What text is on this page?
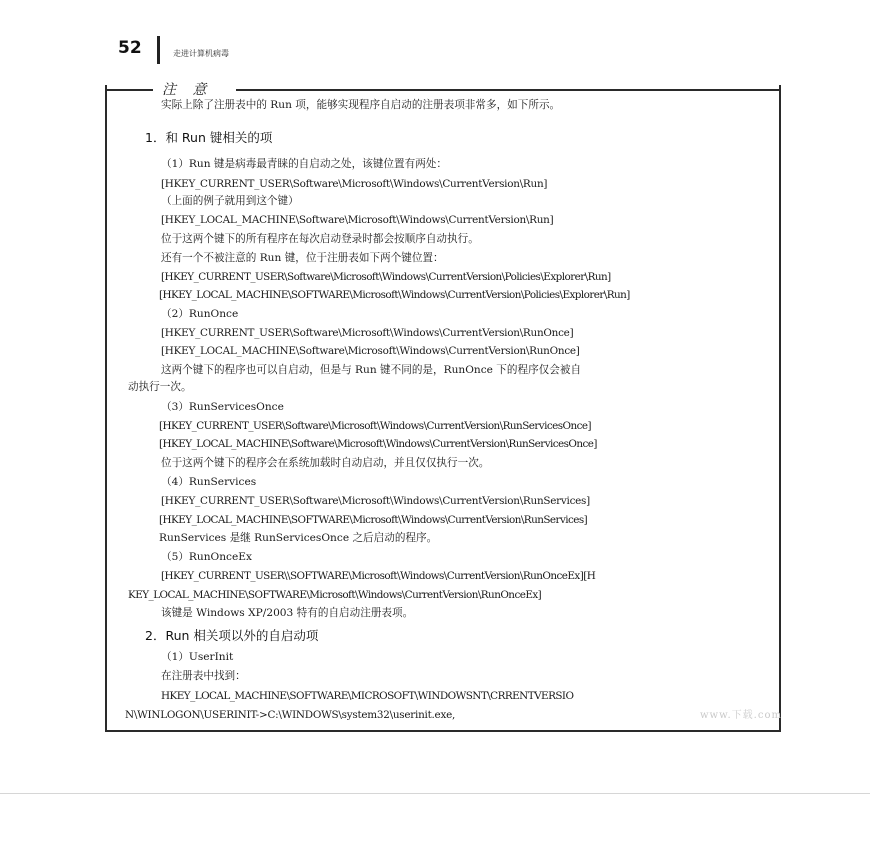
52	走进计算机病毒
注 意
实际上除了注册表中的 Run 项，能够实现程序自启动的注册表项非常多，如下所示。
1．和 Run 键相关的项
（1）Run 键是病毒最青睐的自启动之处，该键位置有两处：
[HKEY_CURRENT_USER\Software\Microsoft\Windows\CurrentVersion\Run]
（上面的例子就用到这个键）
[HKEY_LOCAL_MACHINE\Software\Microsoft\Windows\CurrentVersion\Run]
位于这两个键下的所有程序在每次启动登录时都会按顺序自动执行。
还有一个不被注意的 Run 键，位于注册表如下两个键位置：
[HKEY_CURRENT_USER\Software\Microsoft\Windows\CurrentVersion\Policies\Explorer\Run]
[HKEY_LOCAL_MACHINE\SOFTWARE\Microsoft\Windows\CurrentVersion\Policies\Explorer\Run]
（2）RunOnce
[HKEY_CURRENT_USER\Software\Microsoft\Windows\CurrentVersion\RunOnce]
[HKEY_LOCAL_MACHINE\Software\Microsoft\Windows\CurrentVersion\RunOnce]
这两个键下的程序也可以自启动，但是与 Run 键不同的是，RunOnce 下的程序仅会被自
动执行一次。
（3）RunServicesOnce
[HKEY_CURRENT_USER\Software\Microsoft\Windows\CurrentVersion\RunServicesOnce]
[HKEY_LOCAL_MACHINE\Software\Microsoft\Windows\CurrentVersion\RunServicesOnce]
位于这两个键下的程序会在系统加载时自动启动，并且仅仅执行一次。
（4）RunServices
[HKEY_CURRENT_USER\Software\Microsoft\Windows\CurrentVersion\RunServices]
[HKEY_LOCAL_MACHINE\SOFTWARE\Microsoft\Windows\CurrentVersion\RunServices]
RunServices 是继 RunServicesOnce 之后启动的程序。
（5）RunOnceEx
[HKEY_CURRENT_USER\\SOFTWARE\Microsoft\Windows\CurrentVersion\RunOnceEx][H
KEY_LOCAL_MACHINE\SOFTWARE\Microsoft\Windows\CurrentVersion\RunOnceEx]
该键是 Windows XP/2003 特有的自启动注册表项。
2．Run 相关项以外的自启动项
（1）UserInit
在注册表中找到：
HKEY_LOCAL_MACHINE\SOFTWARE\MICROSOFT\WINDOWSNT\CRRENTVERSIO
N\WINLOGON\USERINIT->C:\WINDOWS\system32\userinit.exe,	www.下载.com
